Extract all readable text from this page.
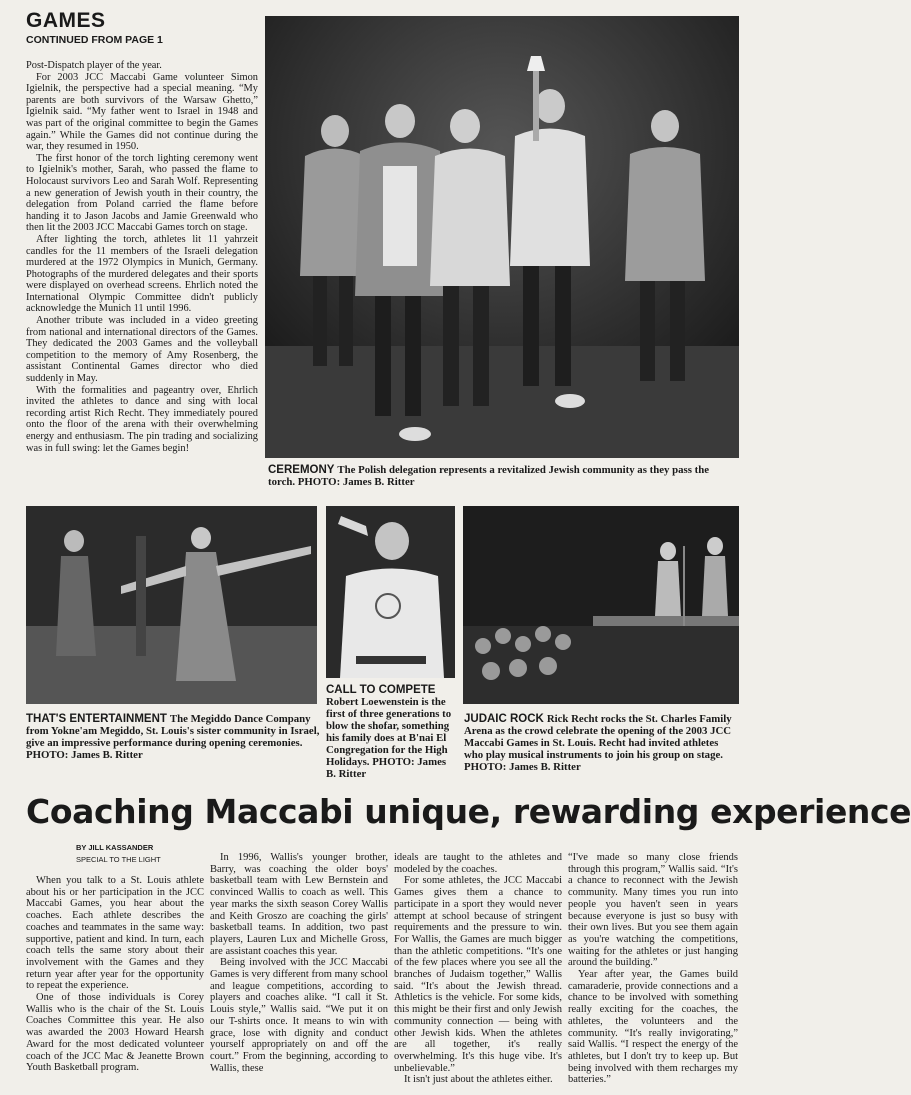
GAMES
CONTINUED FROM PAGE 1

Post-Dispatch player of the year.

For 2003 JCC Maccabi Game volunteer Simon Igielnik, the perspective had a special meaning. “My parents are both survivors of the Warsaw Ghetto,” Igielnik said. “My father went to Israel in 1948 and was part of the original committee to begin the Games again.” While the Games did not continue during the war, they resumed in 1950.

The first honor of the torch lighting ceremony went to Igielnik's mother, Sarah, who passed the flame to Holocaust survivors Leo and Sarah Wolf. Representing a new generation of Jewish youth in their country, the delegation from Poland carried the flame before handing it to Jason Jacobs and Jamie Greenwald who then lit the 2003 JCC Maccabi Games torch on stage.

After lighting the torch, athletes lit 11 yahrzeit candles for the 11 members of the Israeli delegation murdered at the 1972 Olympics in Munich, Germany. Photographs of the murdered delegates and their sports were displayed on overhead screens. Ehrlich noted the International Olympic Committee didn't publicly acknowledge the Munich 11 until 1996.

Another tribute was included in a video greeting from national and international directors of the Games. They dedicated the 2003 Games and the volleyball competition to the memory of Amy Rosenberg, the assistant Continental Games director who died suddenly in May.

With the formalities and pageantry over, Ehrlich invited the athletes to dance and sing with local recording artist Rich Recht. They immediately poured onto the floor of the arena with their overwhelming energy and enthusiasm. The pin trading and socializing was in full swing: let the Games begin!

CEREMONY The Polish delegation represents a revitalized Jewish community as they pass the torch. PHOTO: James B. Ritter
THAT'S ENTERTAINMENT The Megiddo Dance Company from Yokne'am Megiddo, St. Louis's sister community in Israel, give an impressive performance during opening ceremonies. PHOTO: James B. Ritter
CALL TO COMPETE
Robert Loewenstein is the first of three generations to blow the shofar, something his family does at B'nai El Congregation for the High Holidays. PHOTO: James B. Ritter
JUDAIC ROCK Rick Recht rocks the St. Charles Family Arena as the crowd celebrate the opening of the 2003 JCC Maccabi Games in St. Louis. Recht had invited athletes who play musical instruments to join his group on stage. PHOTO: James B. Ritter
Coaching Maccabi unique, rewarding experience
BY JILL KASSANDER
SPECIAL TO THE LIGHT

When you talk to a St. Louis athlete about his or her participation in the JCC Maccabi Games, you hear about the coaches. Each athlete describes the coaches and teammates in the same way: supportive, patient and kind. In turn, each coach tells the same story about their involvement with the Games and they return year after year for the opportunity to repeat the experience.

One of those individuals is Corey Wallis who is the chair of the St. Louis Coaches Committee this year. He also was awarded the 2003 Howard Hearsh Award for the most dedicated volunteer coach of the JCC Mac & Jeanette Brown Youth Basketball program.

In 1996, Wallis's younger brother, Barry, was coaching the older boys' basketball team with Lew Bernstein and convinced Wallis to coach as well. This year marks the sixth season Corey Wallis and Keith Groszo are coaching the girls' basketball teams. In addition, two past players, Lauren Lux and Michelle Gross, are assistant coaches this year.

Being involved with the JCC Maccabi Games is very different from many school and league competitions, according to players and coaches alike. “I call it St. Louis style,” Wallis said. “We put it on our T-shirts once. It means to win with grace, lose with dignity and conduct yourself appropriately on and off the court.” From the beginning, according to Wallis, these

ideals are taught to the athletes and modeled by the coaches.

For some athletes, the JCC Maccabi Games gives them a chance to participate in a sport they would never attempt at school because of stringent requirements and the pressure to win. For Wallis, the Games are much bigger than the athletic competitions. “It's one of the few places where you see all the branches of Judaism together,” Wallis said. “It's about the Jewish thread. Athletics is the vehicle. For some kids, this might be their first and only Jewish community connection — being with other Jewish kids. When the athletes are all together, it's really overwhelming. It's this huge vibe. It's unbelievable.”

It isn't just about the athletes either.

“I've made so many close friends through this program,” Wallis said. “It's a chance to reconnect with the Jewish community. Many times you run into people you haven't seen in years because everyone is just so busy with their own lives. But you see them again as you're watching the competitions, waiting for the athletes or just hanging around the building.”

Year after year, the Games build camaraderie, provide connections and a chance to be involved with something really exciting for the coaches, the athletes, the volunteers and the community. “It's really invigorating,” said Wallis. “I respect the energy of the athletes, but I don't try to keep up. But being involved with them recharges my batteries.”
